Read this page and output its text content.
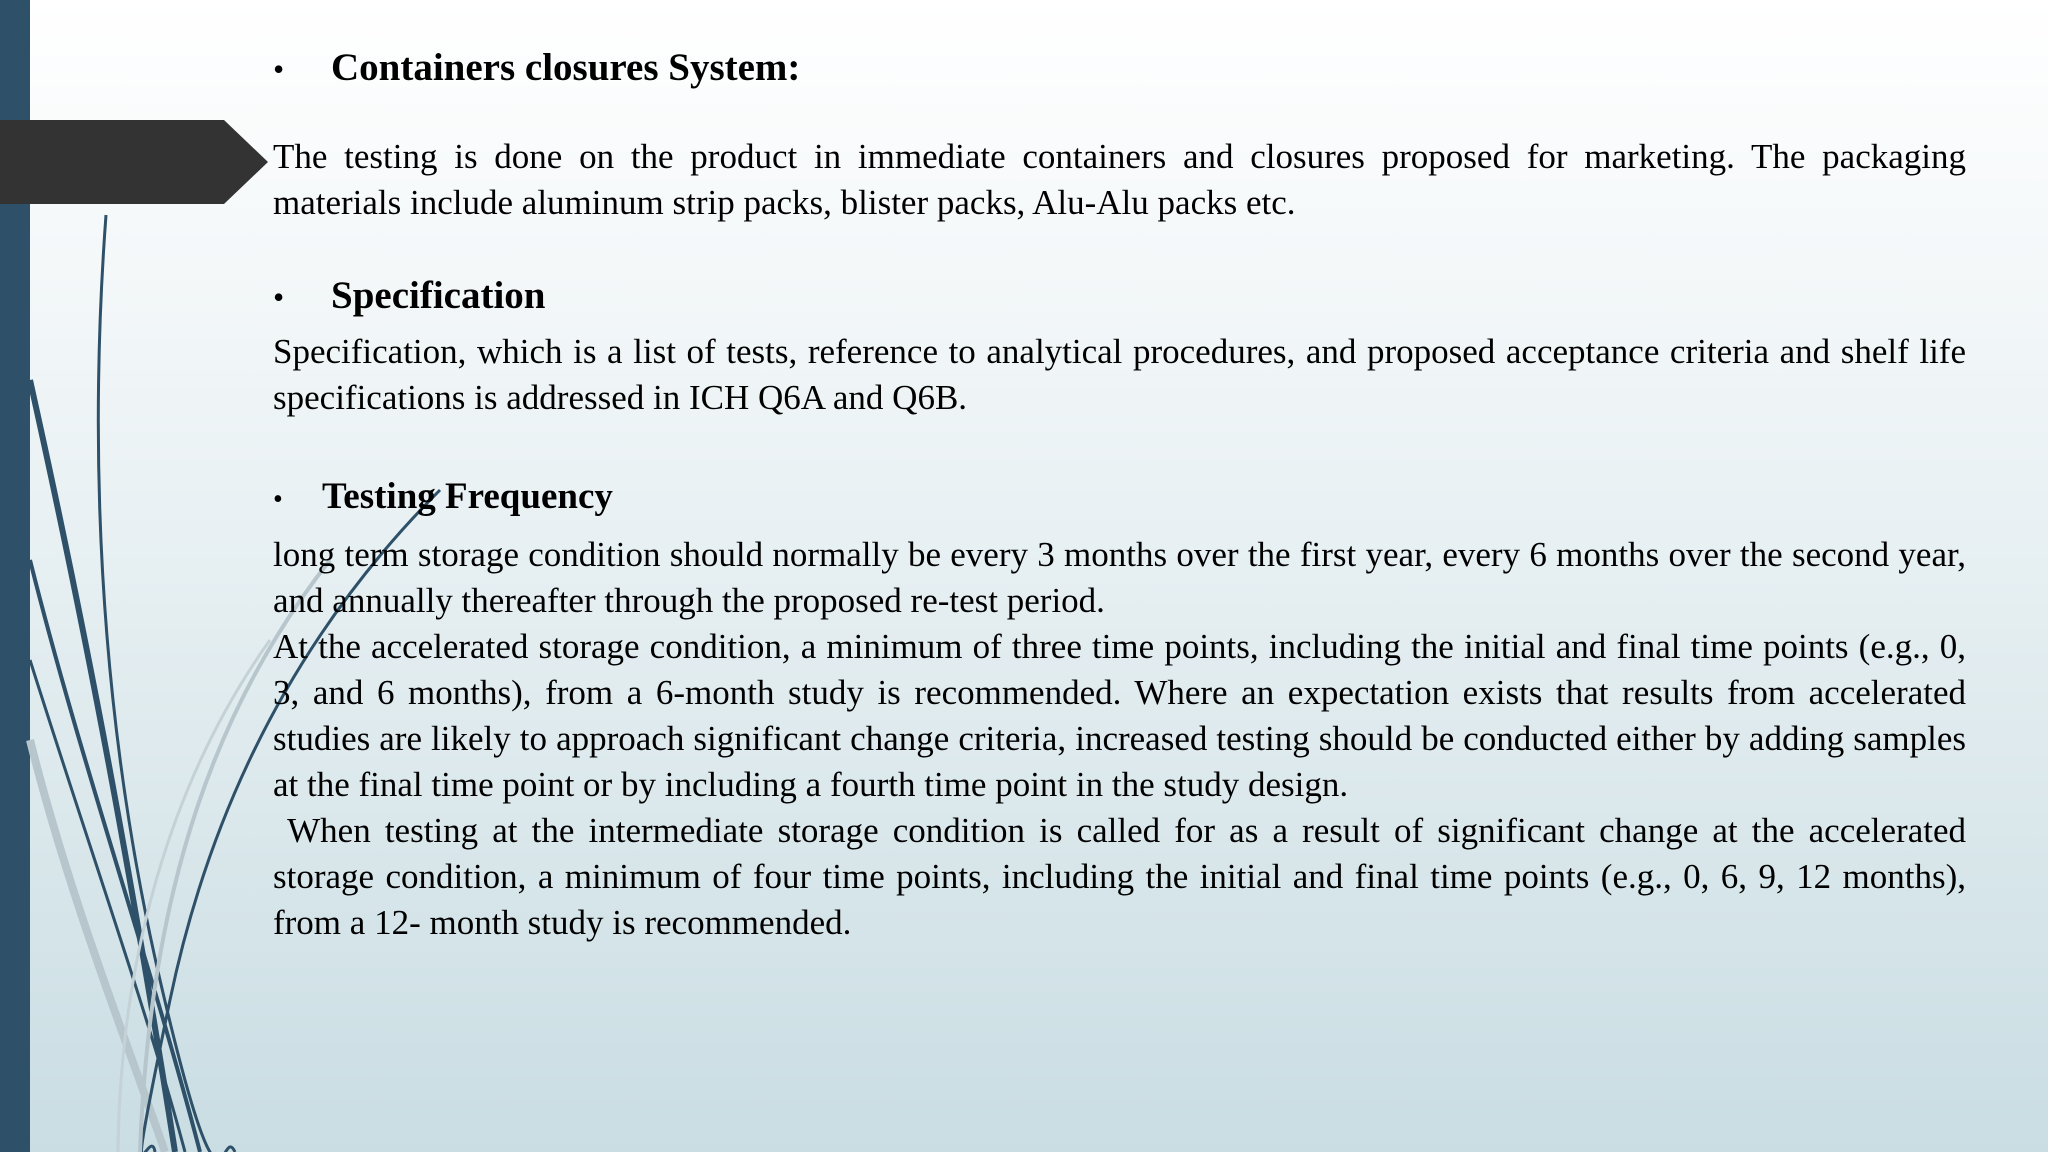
•	Containers closures System:

The testing is done on the product in immediate containers and closures proposed for marketing. The packaging materials include aluminum strip packs, blister packs, Alu-Alu packs etc.

•	Specification

Specification, which is a list of tests, reference to analytical procedures, and proposed acceptance criteria and shelf life specifications is addressed in ICH Q6A and Q6B.

•	Testing Frequency

long term storage condition should normally be every 3 months over the first year, every 6 months over the second year, and annually thereafter through the proposed re-test period.

At the accelerated storage condition, a minimum of three time points, including the initial and final time points (e.g., 0, 3, and 6 months), from a 6-month study is recommended. Where an expectation exists that results from accelerated studies are likely to approach significant change criteria, increased testing should be conducted either by adding samples at the final time point or by including a fourth time point in the study design.

When testing at the intermediate storage condition is called for as a result of significant change at the accelerated storage condition, a minimum of four time points, including the initial and final time points (e.g., 0, 6, 9, 12 months), from a 12- month study is recommended.
